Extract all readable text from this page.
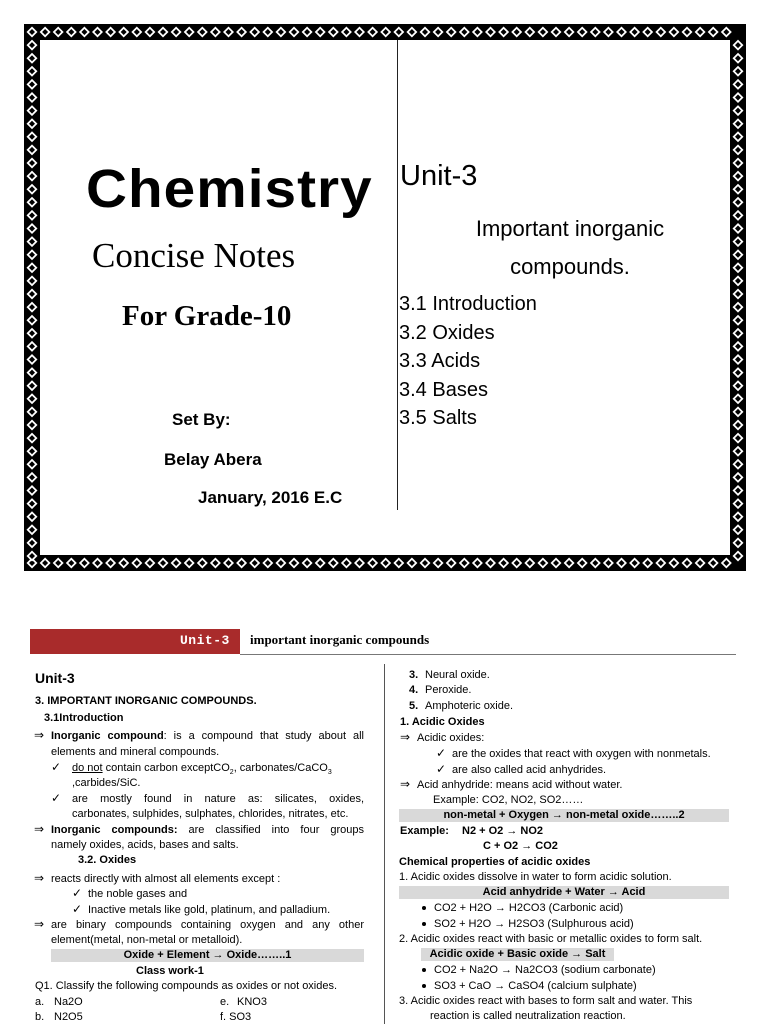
Chemistry
Concise Notes
For Grade-10
Set By:
Belay Abera
January, 2016 E.C
Unit-3
Important inorganic
compounds.
3.1 Introduction
3.2 Oxides
3.3 Acids
3.4 Bases
3.5 Salts
Unit-3 important inorganic compounds
Unit-3
3. IMPORTANT INORGANIC COMPOUNDS.
3.1Introduction
⇒ Inorganic compound: is a compound that study about all
elements and mineral compounds.
✓ do not contain carbon exceptCO$_2$, carbonates/CaCO$_3$
,carbides/SiC.
✓ are mostly found in nature as: silicates, oxides,
carbonates, sulphides, sulphates, chlorides, nitrates, etc.
⇒ Inorganic compounds: are classified into four groups
namely oxides, acids, bases and salts.
3.2. Oxides
⇒ reacts directly with almost all elements except :
✓ the noble gases and
✓ Inactive metals like gold, platinum, and palladium.
⇒ are binary compounds containing oxygen and any other
element(metal, non-metal or metalloid).
Oxide + Element → Oxide……..1
Class work-1
Q1. Classify the following compounds as oxides or not oxides.
a. Na2O	e. KNO3
b. N2O5	f. SO3
3. Neural oxide.
4. Peroxide.
5. Amphoteric oxide.
1. Acidic Oxides
⇒ Acidic oxides:
✓ are the oxides that react with oxygen with nonmetals.
✓ are also called acid anhydrides.
⇒ Acid anhydride: means acid without water.
Example: CO2, NO2, SO2……
non-metal + Oxygen → non-metal oxide……..2
Example: N2 + O2 → NO2
C + O2 → CO2
Chemical properties of acidic oxides
1. Acidic oxides dissolve in water to form acidic solution.
Acid anhydride + Water → Acid
CO2 + H2O → H2CO3 (Carbonic acid)
SO2 + H2O → H2SO3 (Sulphurous acid)
2. Acidic oxides react with basic or metallic oxides to form salt.
Acidic oxide + Basic oxide → Salt
CO2 + Na2O → Na2CO3 (sodium carbonate)
SO3 + CaO → CaSO4 (calcium sulphate)
3. Acidic oxides react with bases to form salt and water. This
reaction is called neutralization reaction.
